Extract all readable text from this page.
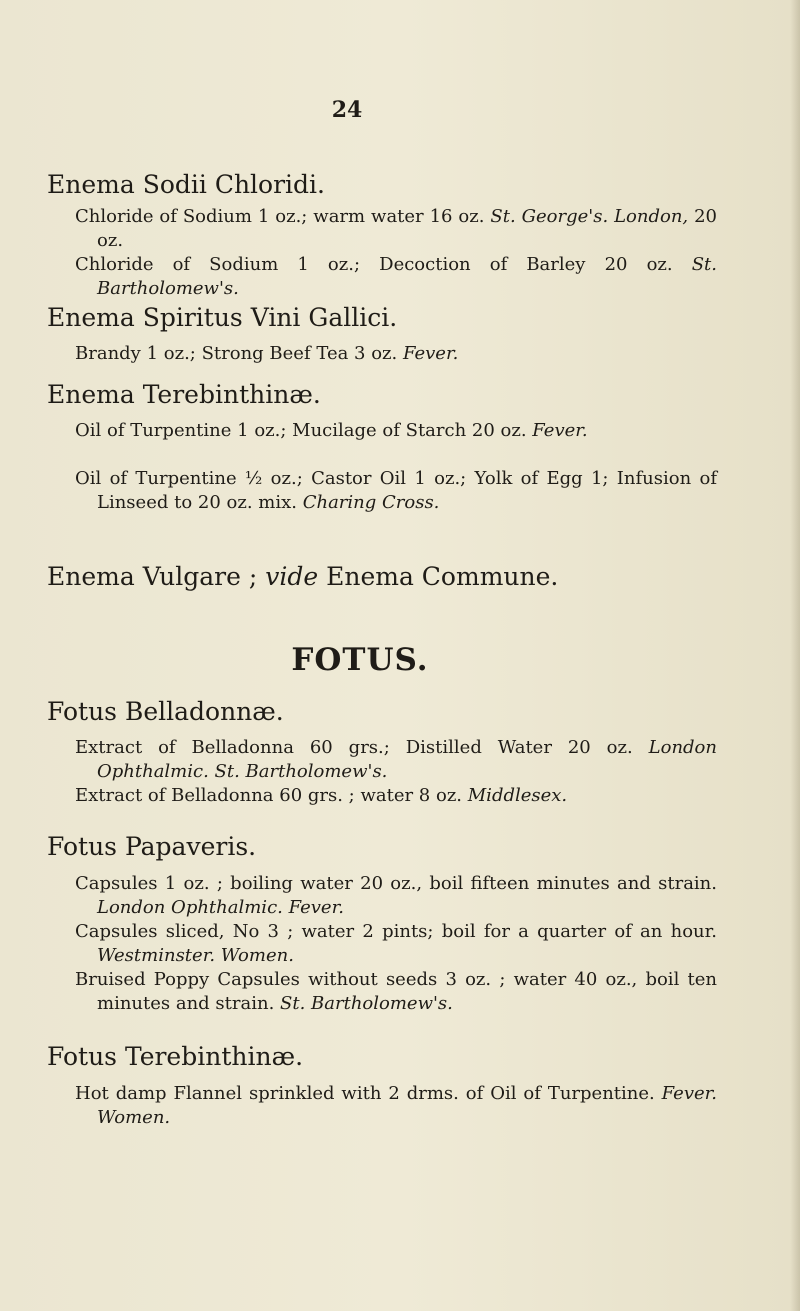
24
Enema Sodii Chloridi.
Chloride of Sodium 1 oz.; warm water 16 oz. St. George's. London, 20 oz.
Chloride of Sodium 1 oz.; Decoction of Barley 20 oz. St. Bartholomew's.
Enema Spiritus Vini Gallici.
Brandy 1 oz.; Strong Beef Tea 3 oz. Fever.
Enema Terebinthinæ.
Oil of Turpentine 1 oz.; Mucilage of Starch 20 oz. Fever.
Oil of Turpentine ½ oz.; Castor Oil 1 oz.; Yolk of Egg 1; Infusion of Linseed to 20 oz. mix. Charing Cross.
Enema Vulgare ; vide Enema Commune.
FOTUS.
Fotus Belladonnæ.
Extract of Belladonna 60 grs.; Distilled Water 20 oz. London Ophthalmic. St. Bartholomew's.
Extract of Belladonna 60 grs. ; water 8 oz. Middlesex.
Fotus Papaveris.
Capsules 1 oz. ; boiling water 20 oz., boil fifteen minutes and strain. London Ophthalmic. Fever.
Capsules sliced, No 3 ; water 2 pints; boil for a quarter of an hour. Westminster. Women.
Bruised Poppy Capsules without seeds 3 oz. ; water 40 oz., boil ten minutes and strain. St. Bartholomew's.
Fotus Terebinthinæ.
Hot damp Flannel sprinkled with 2 drms. of Oil of Turpentine. Fever. Women.
